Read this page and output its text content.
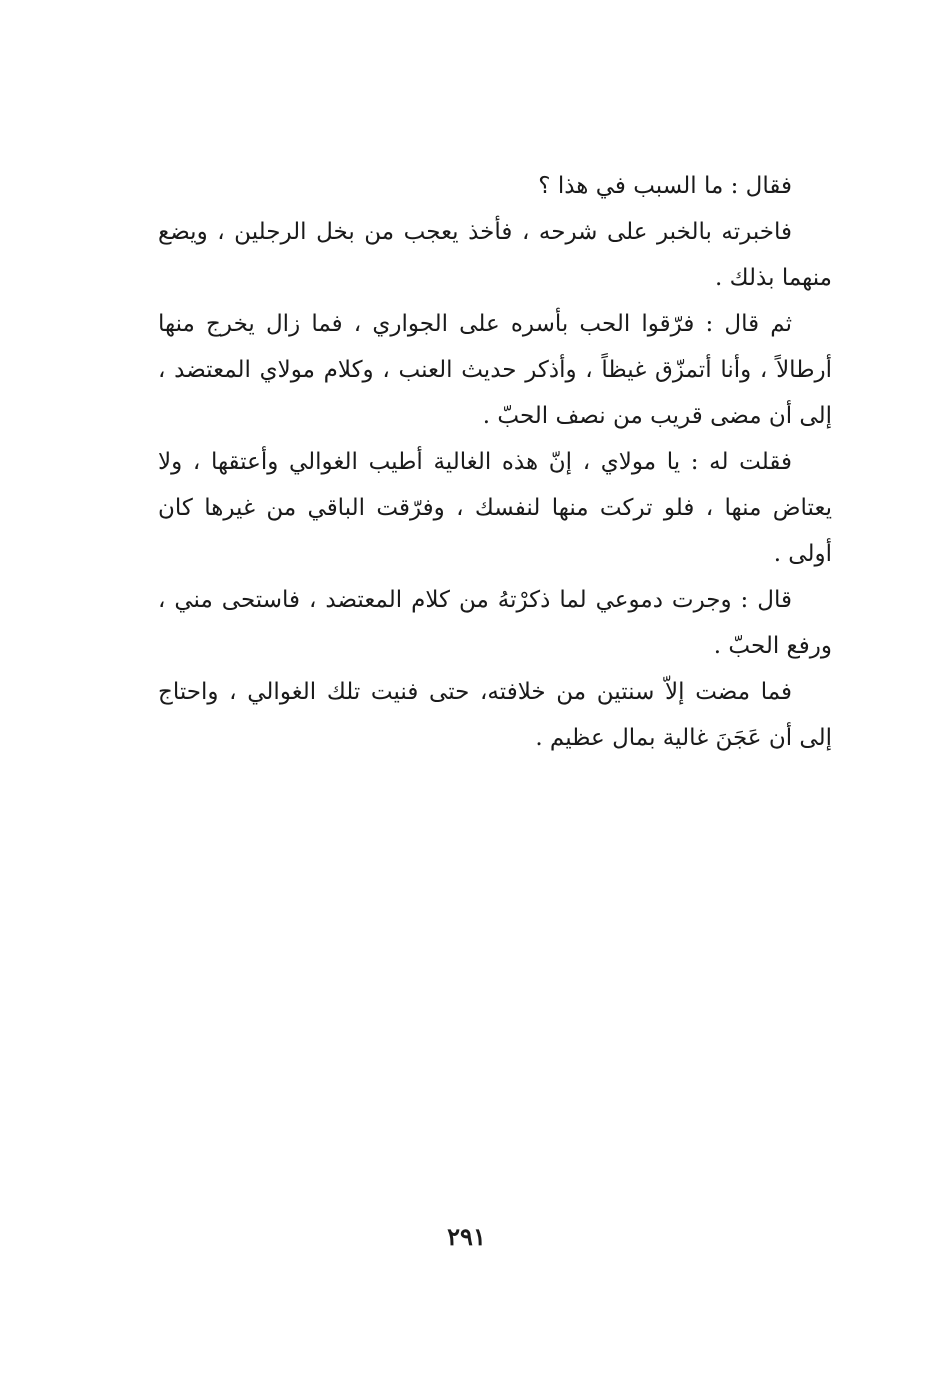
فقال : ما السبب في هذا ؟

فاخبرته بالخبر على شرحه ، فأخذ يعجب من بخل الرجلين ، ويضع منهما بذلك .

ثم قال : فرّقوا الحب بأسره على الجواري ، فما زال يخرج منها أرطالاً ، وأنا أتمزّق غيظاً ، وأذكر حديث العنب ، وكلام مولاي المعتضد ، إلى أن مضى قريب من نصف الحبّ .

فقلت له : يا مولاي ، إنّ هذه الغالية أطيب الغوالي وأعتقها ، ولا يعتاض منها ، فلو تركت منها لنفسك ، وفرّقت الباقي من غيرها كان أولى .

قال : وجرت دموعي لما ذكرْتهُ من كلام المعتضد ، فاستحى مني ، ورفع الحبّ .

فما مضت إلاّ سنتين من خلافته، حتى فنيت تلك الغوالي ، واحتاج إلى أن عَجَنَ غالية بمال عظيم .

٢٩١
